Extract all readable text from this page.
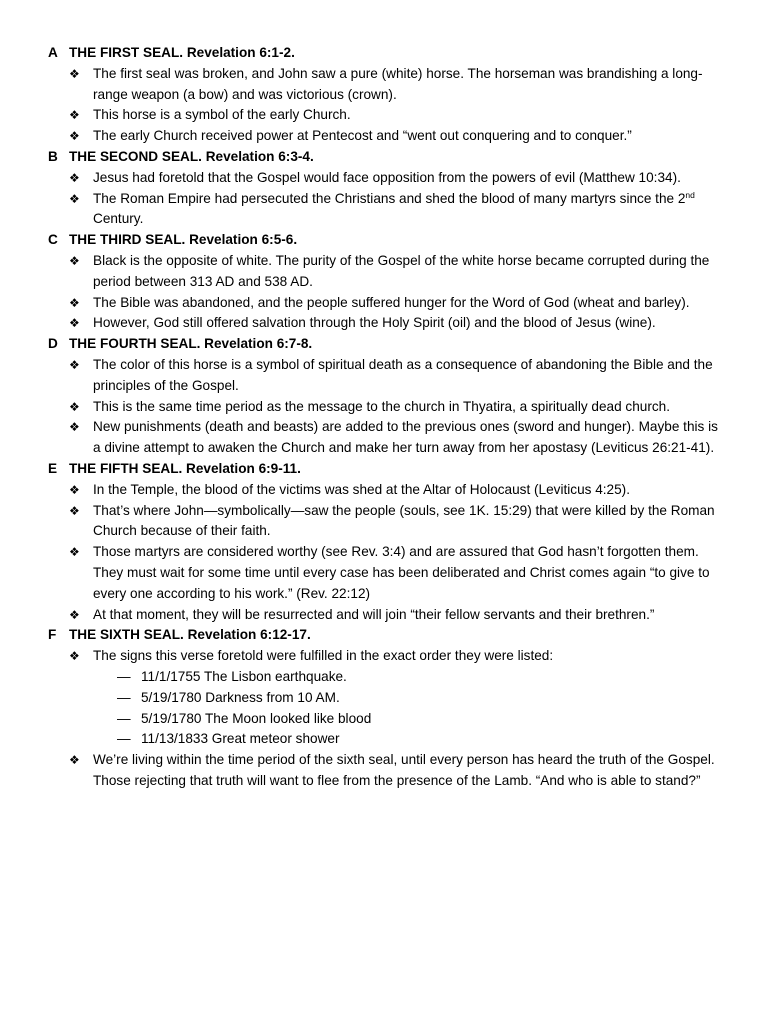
A THE FIRST SEAL. Revelation 6:1-2.
❖ The first seal was broken, and John saw a pure (white) horse. The horseman was brandishing a long-range weapon (a bow) and was victorious (crown).
❖ This horse is a symbol of the early Church.
❖ The early Church received power at Pentecost and “went out conquering and to conquer.”
B THE SECOND SEAL. Revelation 6:3-4.
❖ Jesus had foretold that the Gospel would face opposition from the powers of evil (Matthew 10:34).
❖ The Roman Empire had persecuted the Christians and shed the blood of many martyrs since the 2nd Century.
C THE THIRD SEAL. Revelation 6:5-6.
❖ Black is the opposite of white. The purity of the Gospel of the white horse became corrupted during the period between 313 AD and 538 AD.
❖ The Bible was abandoned, and the people suffered hunger for the Word of God (wheat and barley).
❖ However, God still offered salvation through the Holy Spirit (oil) and the blood of Jesus (wine).
D THE FOURTH SEAL. Revelation 6:7-8.
❖ The color of this horse is a symbol of spiritual death as a consequence of abandoning the Bible and the principles of the Gospel.
❖ This is the same time period as the message to the church in Thyatira, a spiritually dead church.
❖ New punishments (death and beasts) are added to the previous ones (sword and hunger). Maybe this is a divine attempt to awaken the Church and make her turn away from her apostasy (Leviticus 26:21-41).
E THE FIFTH SEAL. Revelation 6:9-11.
❖ In the Temple, the blood of the victims was shed at the Altar of Holocaust (Leviticus 4:25).
❖ That’s where John—symbolically—saw the people (souls, see 1K. 15:29) that were killed by the Roman Church because of their faith.
❖ Those martyrs are considered worthy (see Rev. 3:4) and are assured that God hasn’t forgotten them. They must wait for some time until every case has been deliberated and Christ comes again “to give to every one according to his work.” (Rev. 22:12)
❖ At that moment, they will be resurrected and will join “their fellow servants and their brethren.”
F THE SIXTH SEAL. Revelation 6:12-17.
❖ The signs this verse foretold were fulfilled in the exact order they were listed:
— 11/1/1755 The Lisbon earthquake.
— 5/19/1780 Darkness from 10 AM.
— 5/19/1780 The Moon looked like blood
— 11/13/1833 Great meteor shower
❖ We’re living within the time period of the sixth seal, until every person has heard the truth of the Gospel. Those rejecting that truth will want to flee from the presence of the Lamb. “And who is able to stand?”
